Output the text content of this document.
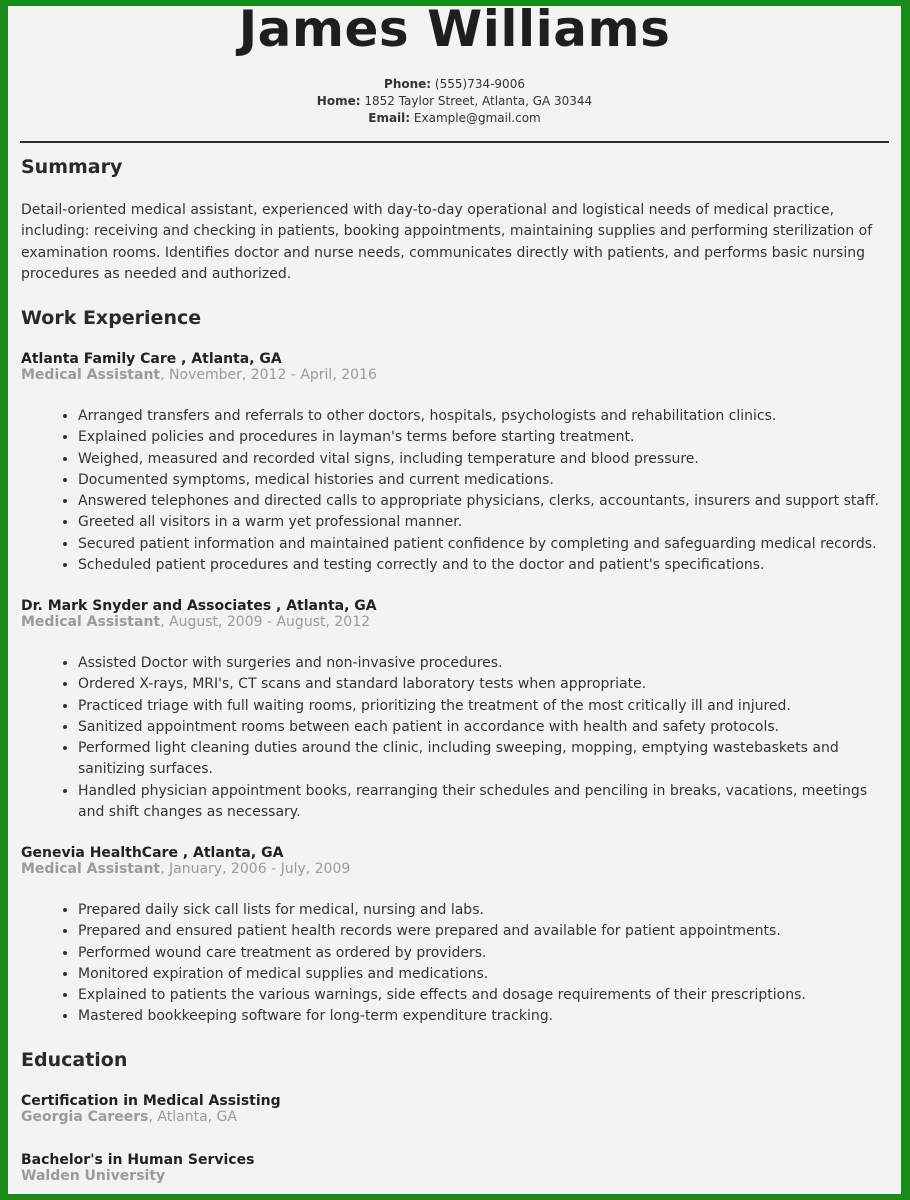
James Williams
Phone: (555)734-9006
Home: 1852 Taylor Street, Atlanta, GA 30344
Email: Example@gmail.com
Summary

Detail-oriented medical assistant, experienced with day-to-day operational and logistical needs of medical practice, including: receiving and checking in patients, booking appointments, maintaining supplies and performing sterilization of examination rooms. Identifies doctor and nurse needs, communicates directly with patients, and performs basic nursing procedures as needed and authorized.

Work Experience

Atlanta Family Care , Atlanta, GA

Medical Assistant, November, 2012 - April, 2016

• Arranged transfers and referrals to other doctors, hospitals, psychologists and rehabilitation clinics.
• Explained policies and procedures in layman's terms before starting treatment.
• Weighed, measured and recorded vital signs, including temperature and blood pressure.
• Documented symptoms, medical histories and current medications.
• Answered telephones and directed calls to appropriate physicians, clerks, accountants, insurers and support staff.
• Greeted all visitors in a warm yet professional manner.
• Secured patient information and maintained patient confidence by completing and safeguarding medical records.
• Scheduled patient procedures and testing correctly and to the doctor and patient's specifications.

Dr. Mark Snyder and Associates , Atlanta, GA

Medical Assistant, August, 2009 - August, 2012

• Assisted Doctor with surgeries and non-invasive procedures.
• Ordered X-rays, MRI's, CT scans and standard laboratory tests when appropriate.
• Practiced triage with full waiting rooms, prioritizing the treatment of the most critically ill and injured.
• Sanitized appointment rooms between each patient in accordance with health and safety protocols.
• Performed light cleaning duties around the clinic, including sweeping, mopping, emptying wastebaskets and sanitizing surfaces.
• Handled physician appointment books, rearranging their schedules and penciling in breaks, vacations, meetings and shift changes as necessary.

Genevia HealthCare , Atlanta, GA

Medical Assistant, January, 2006 - July, 2009

• Prepared daily sick call lists for medical, nursing and labs.
• Prepared and ensured patient health records were prepared and available for patient appointments.
• Performed wound care treatment as ordered by providers.
• Monitored expiration of medical supplies and medications.
• Explained to patients the various warnings, side effects and dosage requirements of their prescriptions.
• Mastered bookkeeping software for long-term expenditure tracking.
Education

Certification in Medical Assisting

Georgia Careers, Atlanta, GA

Bachelor's in Human Services

Walden University
